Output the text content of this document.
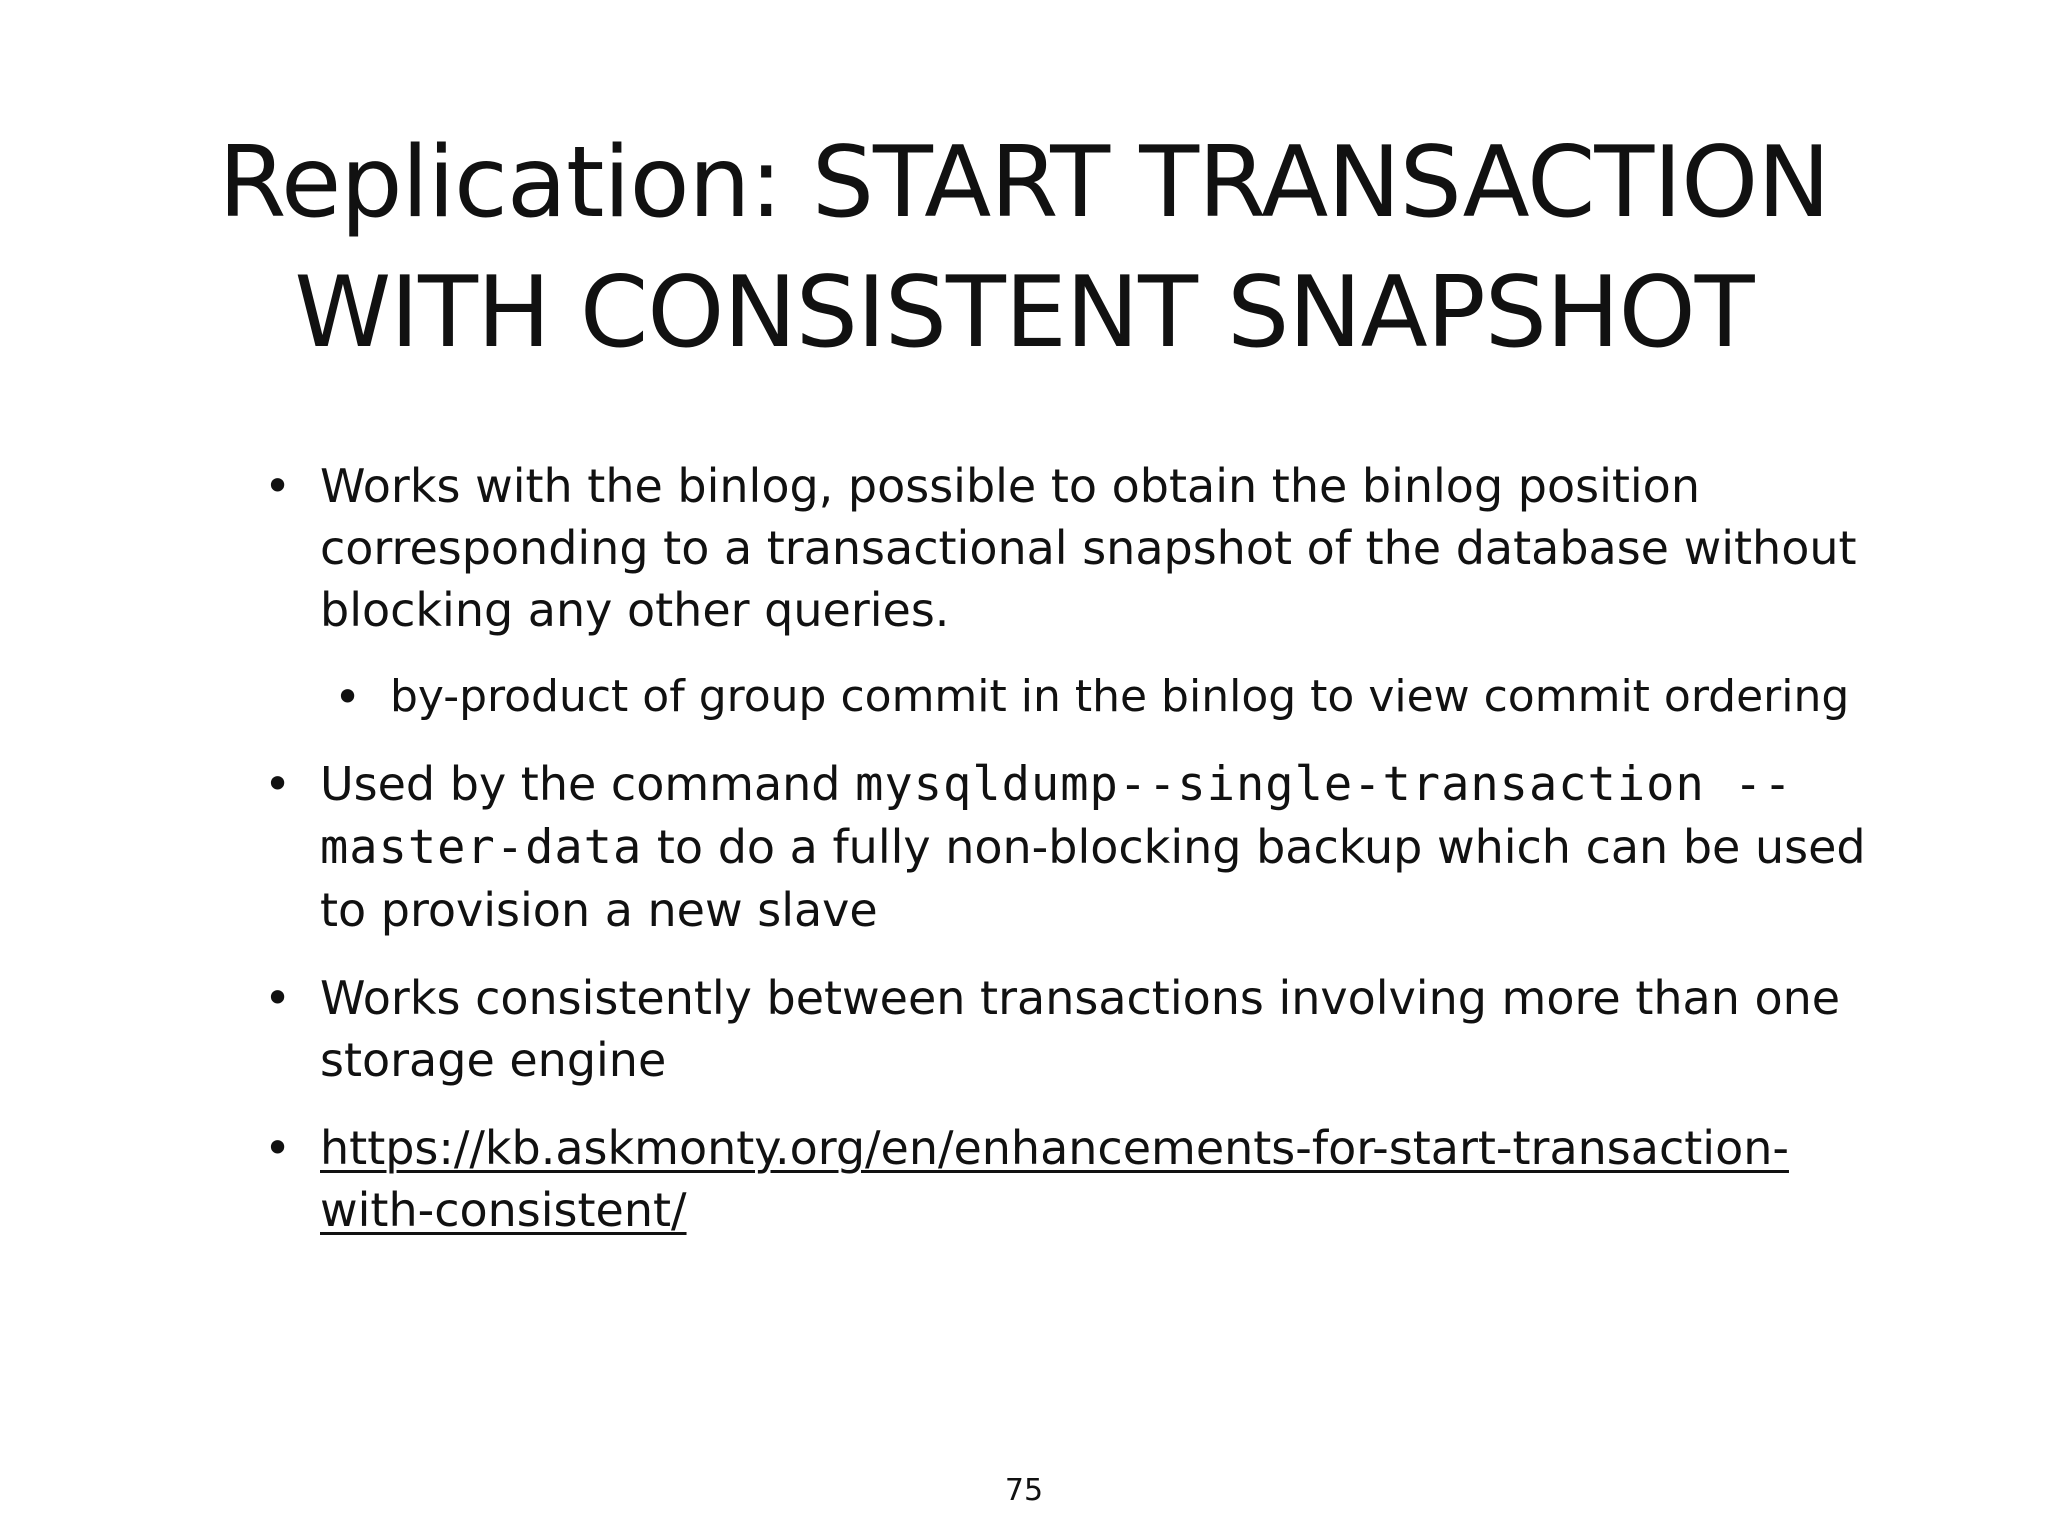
Replication: START TRANSACTION
WITH CONSISTENT SNAPSHOT
• Works with the binlog, possible to obtain the binlog position corresponding to a transactional snapshot of the database without blocking any other queries.
• by-product of group commit in the binlog to view commit ordering
• Used by the command mysqldump--single-transaction --master-data to do a fully non-blocking backup which can be used to provision a new slave
• Works consistently between transactions involving more than one storage engine
• https://kb.askmonty.org/en/enhancements-for-start-transaction-with-consistent/
75
